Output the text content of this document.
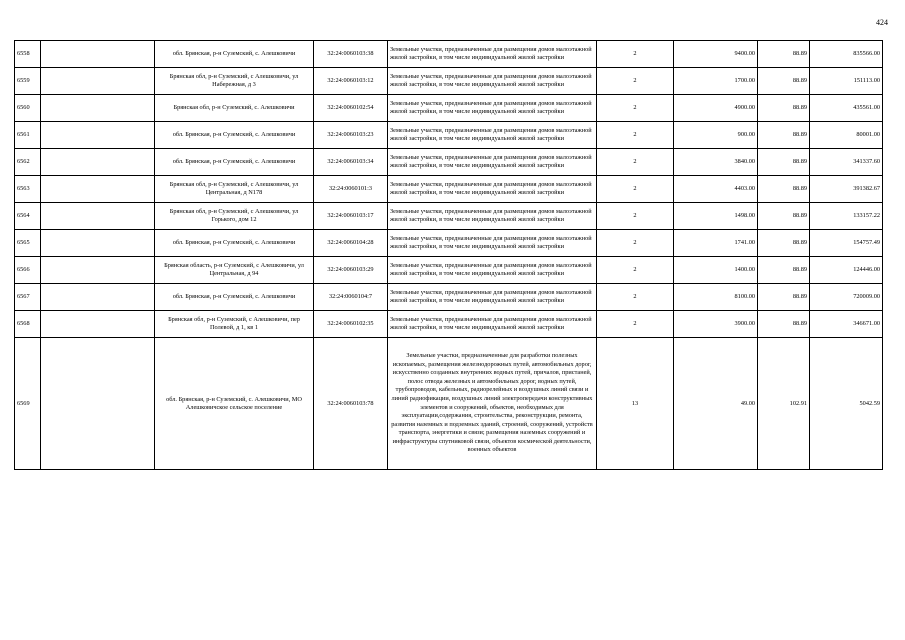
424
6558		обл. Брянская, р-н Суземский, с. Алешковичи	32:24:0060103:38	Земельные участки, предназначенные для размещения домов малоэтажной жилой застройки, в том числе индивидуальной жилой застройки	2	9400.00	88.89	835566.00
6559		Брянская обл, р-н Суземский, с Алешковичи, ул Набережная, д 3	32:24:0060103:12	Земельные участки, предназначенные для размещения домов малоэтажной жилой застройки, в том числе индивидуальной жилой застройки	2	1700.00	88.89	151113.00
6560		Брянская обл, р-н Суземский, с. Алешковичи	32:24:0060102:54	Земельные участки, предназначенные для размещения домов малоэтажной жилой застройки, в том числе индивидуальной жилой застройки	2	4900.00	88.89	435561.00
6561		обл. Брянская, р-н Суземский, с. Алешковичи	32:24:0060103:23	Земельные участки, предназначенные для размещения домов малоэтажной жилой застройки, в том числе индивидуальной жилой застройки	2	900.00	88.89	80001.00
6562		обл. Брянская, р-н Суземский, с. Алешковичи	32:24:0060103:34	Земельные участки, предназначенные для размещения домов малоэтажной жилой застройки, в том числе индивидуальной жилой застройки	2	3840.00	88.89	341337.60
6563		Брянская обл, р-н Суземский, с Алешковичи, ул Центральная, д N178	32:24:0060101:3	Земельные участки, предназначенные для размещения домов малоэтажной жилой застройки, в том числе индивидуальной жилой застройки	2	4403.00	88.89	391382.67
6564		Брянская обл, р-н Суземский, с Алешковичи, ул Горького, дом 12	32:24:0060103:17	Земельные участки, предназначенные для размещения домов малоэтажной жилой застройки, в том числе индивидуальной жилой застройки	2	1498.00	88.89	133157.22
6565		обл. Брянская, р-н Суземский, с. Алешковичи	32:24:0060104:28	Земельные участки, предназначенные для размещения домов малоэтажной жилой застройки, в том числе индивидуальной жилой застройки	2	1741.00	88.89	154757.49
6566		Брянская область, р-н Суземский, с Алешковичи, ул Центральная, д 94	32:24:0060103:29	Земельные участки, предназначенные для размещения домов малоэтажной жилой застройки, в том числе индивидуальной жилой застройки	2	1400.00	88.89	124446.00
6567		обл. Брянская, р-н Суземский, с. Алешковичи	32:24:0060104:7	Земельные участки, предназначенные для размещения домов малоэтажной жилой застройки, в том числе индивидуальной жилой застройки	2	8100.00	88.89	720009.00
6568		Брянская обл, р-н Суземский, с Алешковичи, пер Полевой, д 1, кв 1	32:24:0060102:35	Земельные участки, предназначенные для размещения домов малоэтажной жилой застройки, в том числе индивидуальной жилой застройки	2	3900.00	88.89	346671.00
6569		обл. Брянская, р-н Суземский, с. Алешковичи, МО Алешковичское сельское поселение	32:24:0060103:78	Земельные участки, предназначенные для разработки полезных ископаемых, размещения железнодорожных путей, автомобильных дорог, искусственно созданных внутренних водных путей, причалов, пристаней, полос отвода железных и автомобильных дорог, водных путей, трубопроводов, кабельных, радиорелейных и воздушных линий связи и линий радиофикации, воздушных линий электропередачи конструктивных элементов и сооружений, объектов, необходимых для эксплуатации,содержания, строительства, реконструкции, ремонта, развития наземных и подземных зданий, строений, сооружений, устройств транспорта, энергетики и связи; размещения наземных сооружений и инфраструктуры спутниковой связи, объектов космической деятельности, военных объектов	13	49.00	102.91	5042.59
